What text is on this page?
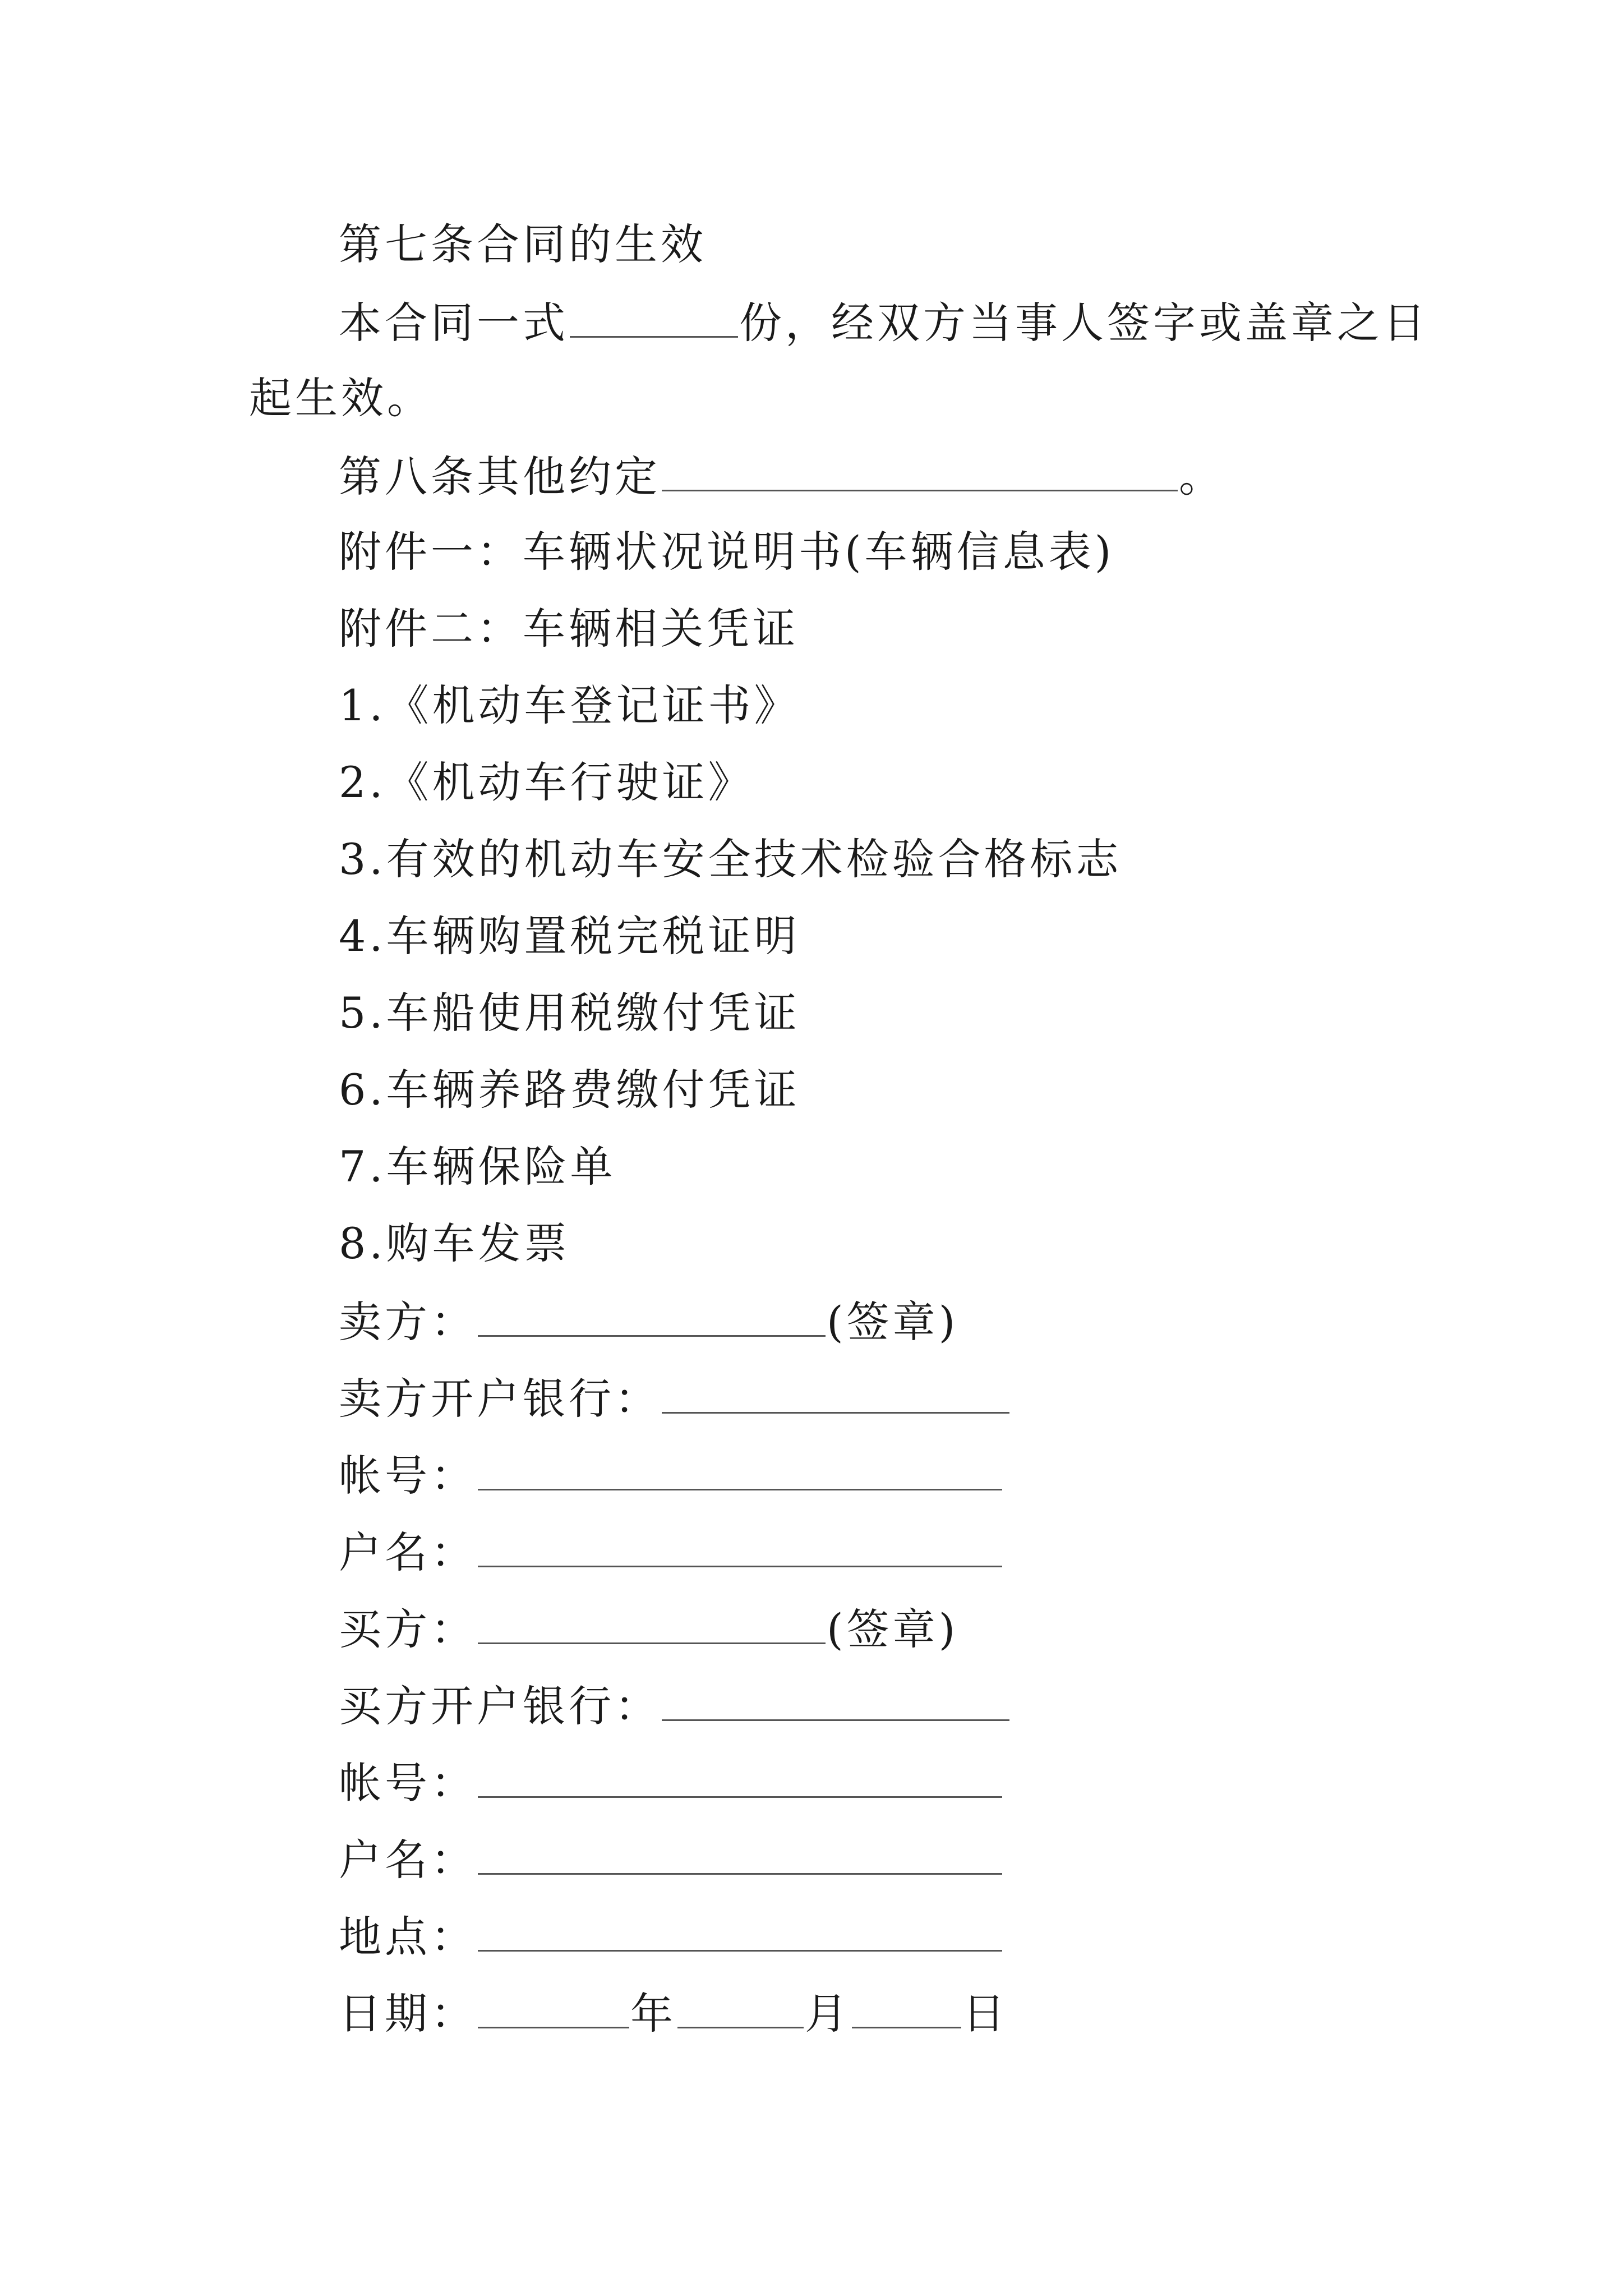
第七条合同的生效
本合同一式	份，经双方当事人签字或盖章之日
起生效。
第八条其他约定	。
附件一：车辆状况说明书(车辆信息表)
附件二：车辆相关凭证
1.《机动车登记证书》
2.《机动车行驶证》
3.有效的机动车安全技术检验合格标志
4.车辆购置税完税证明
5.车船使用税缴付凭证
6.车辆养路费缴付凭证
7.车辆保险单
8.购车发票
卖方：	(签章)
卖方开户银行：
帐号：
户名：
买方：	(签章)
买方开户银行：
帐号：
户名：
地点：
日期：	年	月	日
